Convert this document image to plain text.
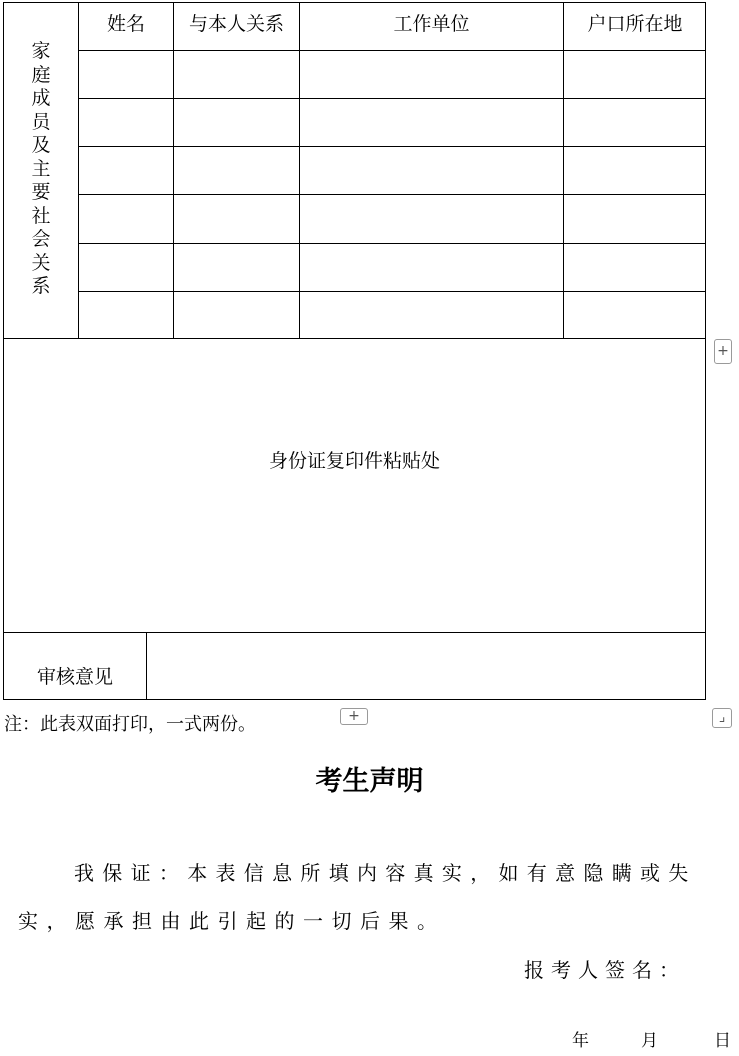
家庭成员及主要社会关系
姓名	与本人关系	工作单位	户口所在地
身份证复印件粘贴处
审核意见
+
+	⌟
注：此表双面打印，一式两份。
考生声明
我保证：本表信息所填内容真实，如有意隐瞒或失
实，愿承担由此引起的一切后果。
报考人签名：
年	月	日
